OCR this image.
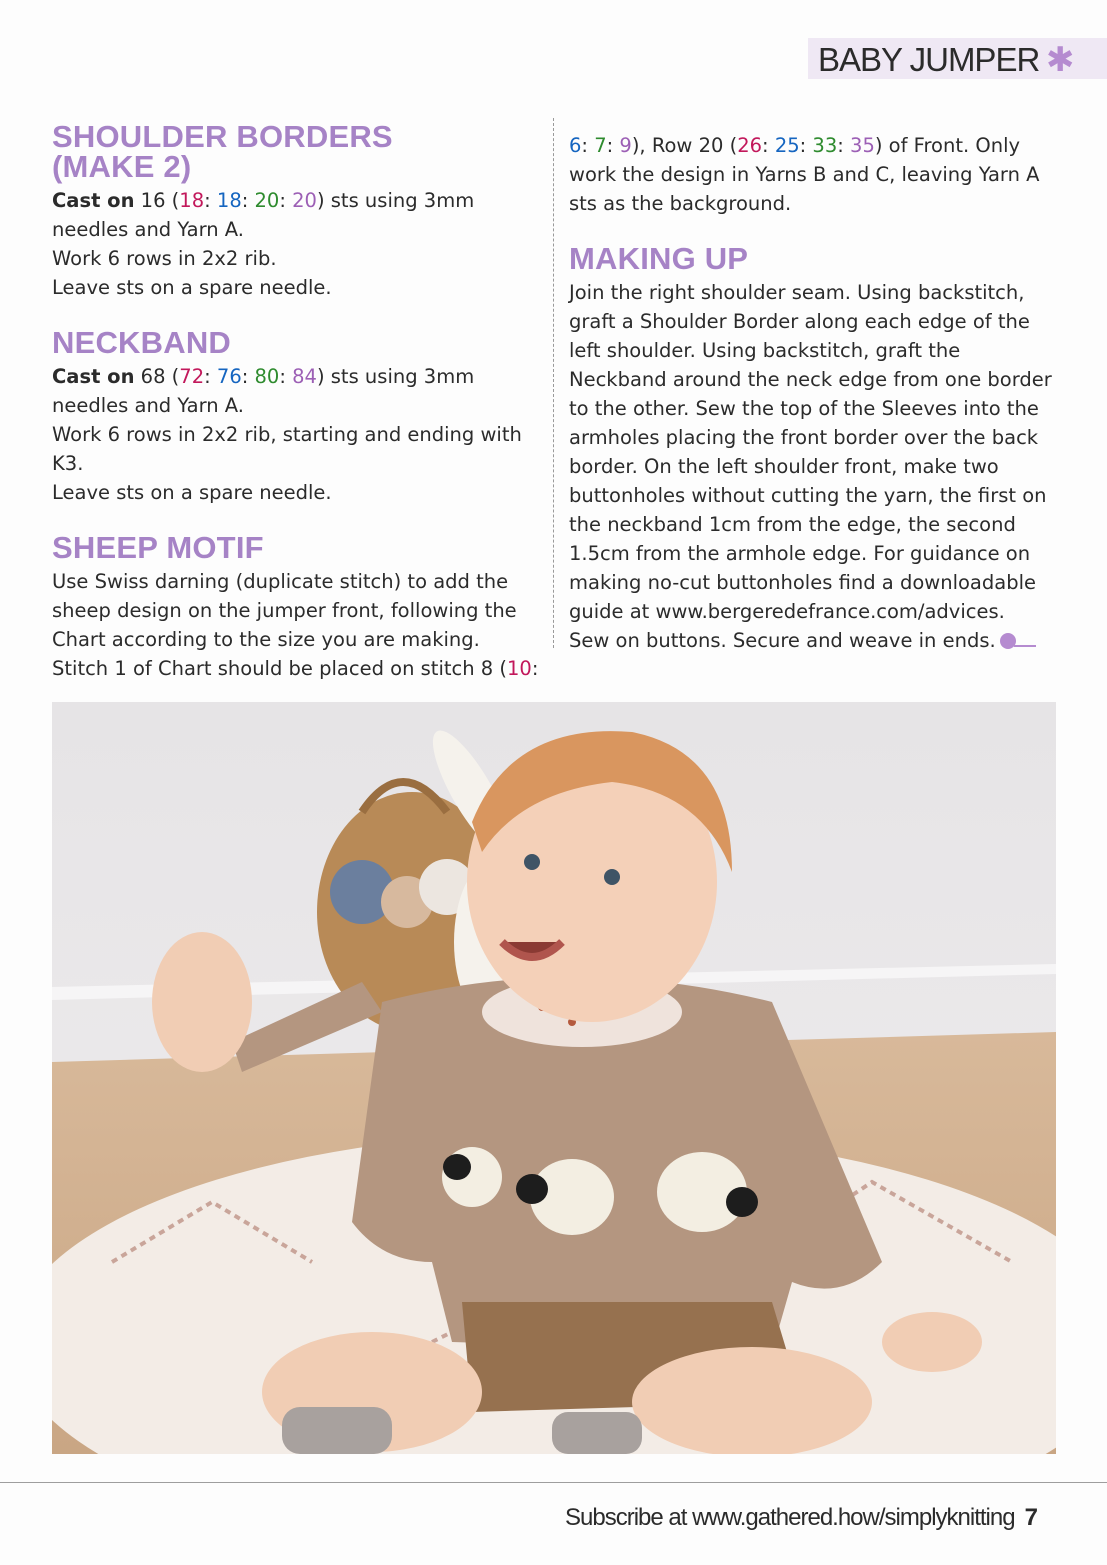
BABY JUMPER ✱
SHOULDER BORDERS
(MAKE 2)

Cast on 16 (18: 18: 20: 20) sts using 3mm

needles and Yarn A.

Work 6 rows in 2x2 rib.

Leave sts on a spare needle.

NECKBAND

Cast on 68 (72: 76: 80: 84) sts using 3mm

needles and Yarn A.

Work 6 rows in 2x2 rib, starting and ending with K3.

Leave sts on a spare needle.

SHEEP MOTIF

Use Swiss darning (duplicate stitch) to add the

sheep design on the jumper front, following the

Chart according to the size you are making.

Stitch 1 of Chart should be placed on stitch 8 (10:

6: 7: 9), Row 20 (26: 25: 33: 35) of Front. Only

work the design in Yarns B and C, leaving Yarn A

sts as the background.

MAKING UP

Join the right shoulder seam. Using backstitch,

graft a Shoulder Border along each edge of the

left shoulder. Using backstitch, graft the

Neckband around the neck edge from one border

to the other. Sew the top of the Sleeves into the

armholes placing the front border over the back

border. On the left shoulder front, make two

buttonholes without cutting the yarn, the first on

the neckband 1cm from the edge, the second

1.5cm from the armhole edge. For guidance on

making no-cut buttonholes find a downloadable

guide at www.bergeredefrance.com/advices.

Sew on buttons. Secure and weave in ends.

Subscribe at www.gathered.how/simplyknitting 7
